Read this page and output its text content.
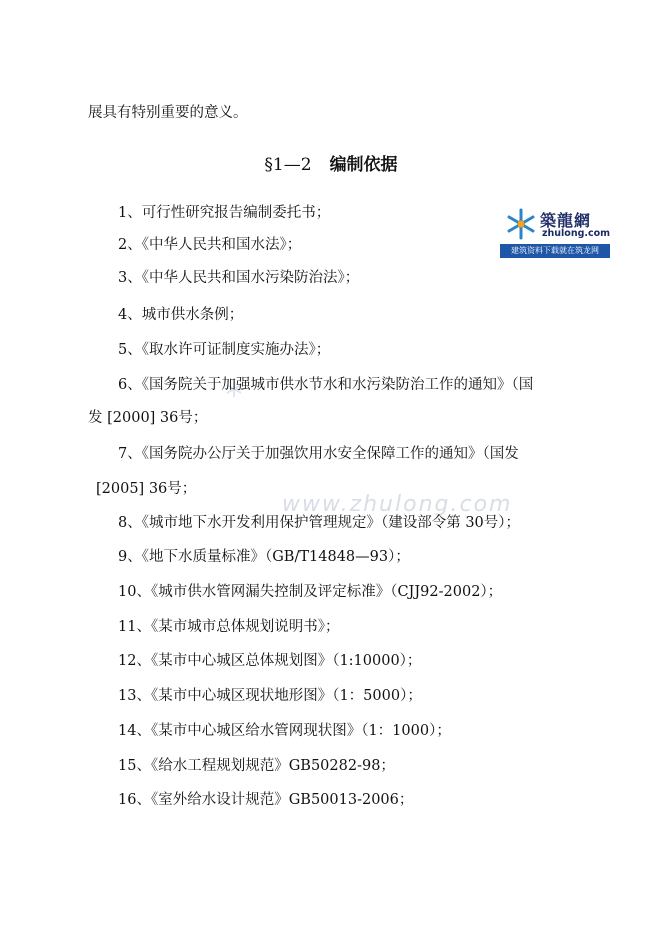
展具有特别重要的意义。
§1—2 编制依据
築龍網
zhulong.com
建筑资料下载就在筑龙网
www.zhulong.com
1、可行性研究报告编制委托书；
2、《中华人民共和国水法》；
3、《中华人民共和国水污染防治法》；
4、城市供水条例；
5、《取水许可证制度实施办法》；
6、《国务院关于加强城市供水节水和水污染防治工作的通知》（国
发 [2000] 36号；
7、《国务院办公厅关于加强饮用水安全保障工作的通知》（国发
[2005] 36号；
8、《城市地下水开发利用保护管理规定》（建设部令第 30号）；
9、《地下水质量标准》（GB/T14848—93）；
10、《城市供水管网漏失控制及评定标准》（CJJ92-2002）；
11、《某市城市总体规划说明书》；
12、《某市中心城区总体规划图》（1:10000）；
13、《某市中心城区现状地形图》（1：5000）；
14、《某市中心城区给水管网现状图》（1：1000）；
15、《给水工程规划规范》GB50282-98；
16、《室外给水设计规范》GB50013-2006；
